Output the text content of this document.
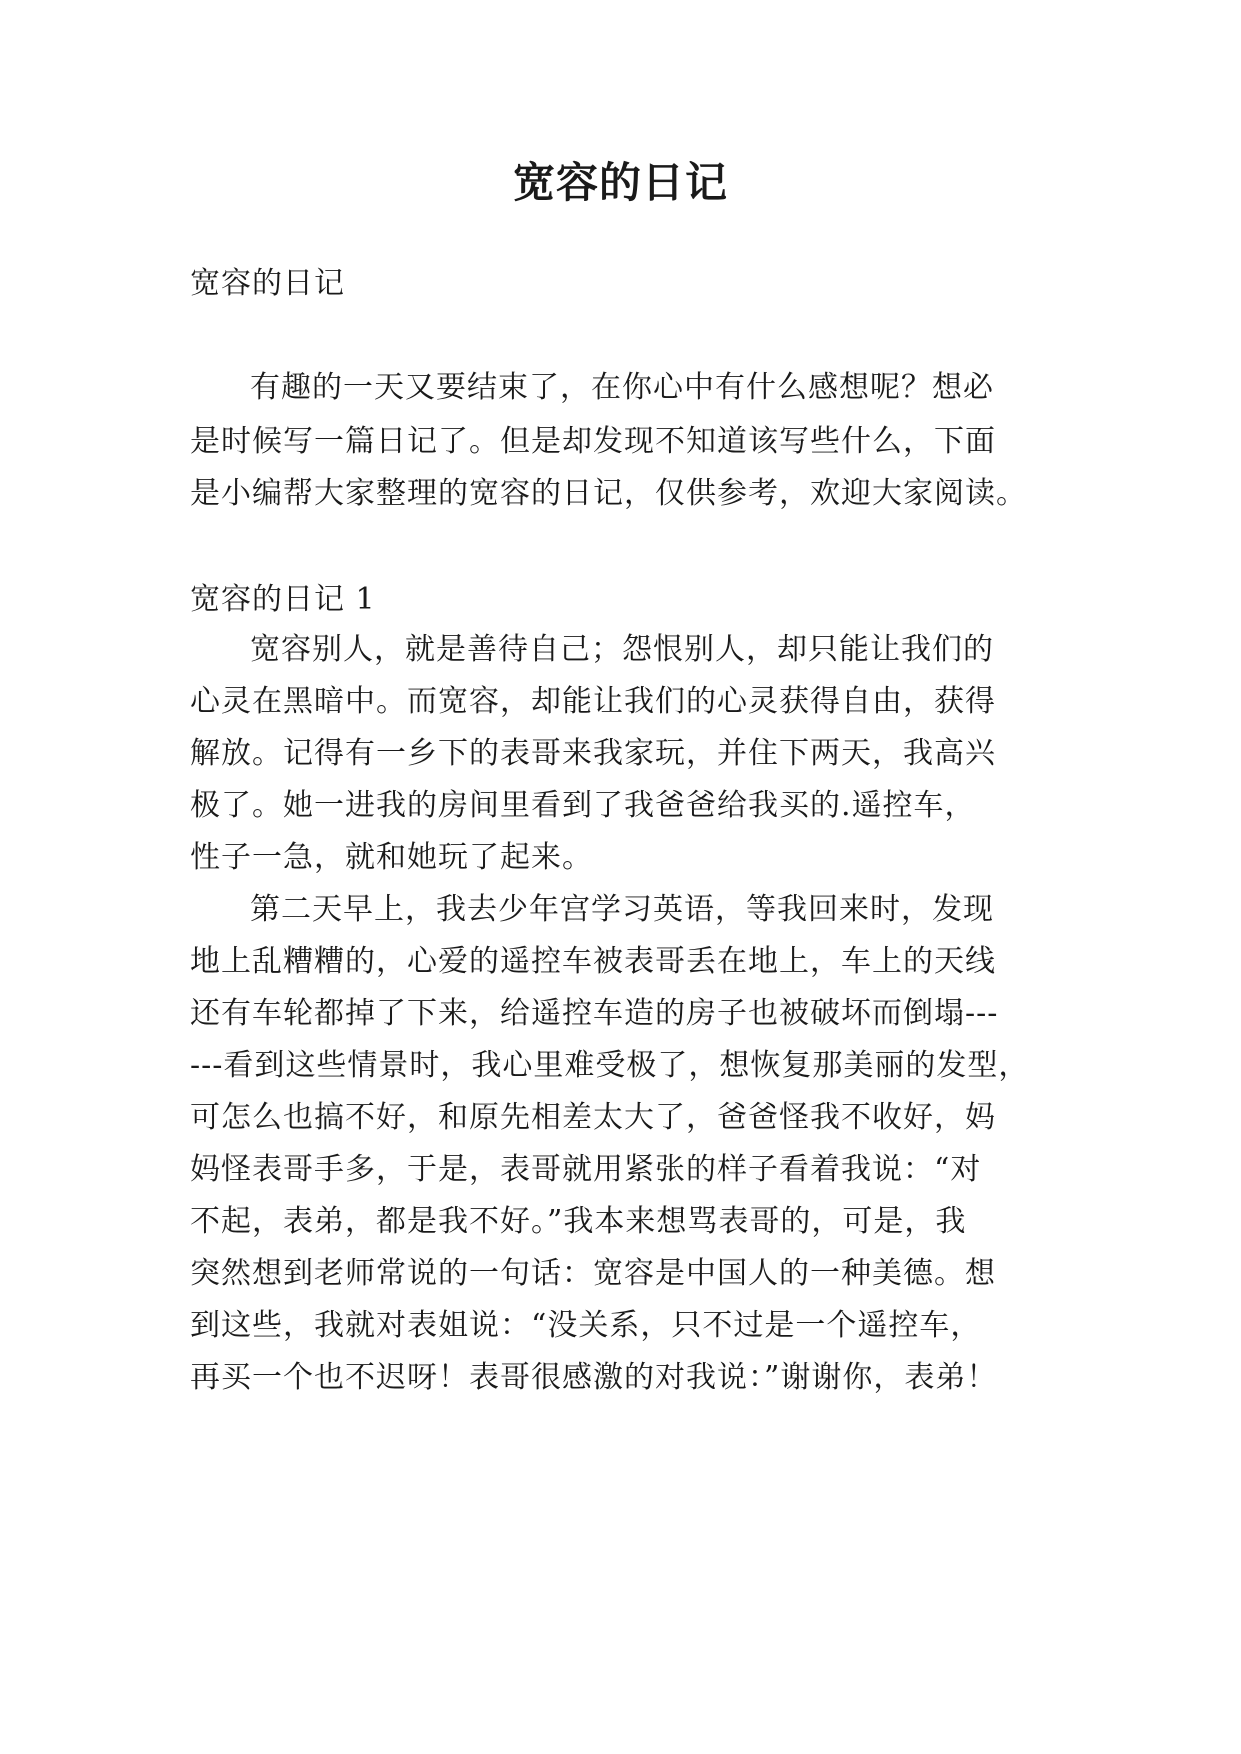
宽容的日记
宽容的日记
有趣的一天又要结束了，在你心中有什么感想呢？想必
是时候写一篇日记了。但是却发现不知道该写些什么，下面
是小编帮大家整理的宽容的日记，仅供参考，欢迎大家阅读。
宽容的日记 1
宽容别人，就是善待自己；怨恨别人，却只能让我们的
心灵在黑暗中。而宽容，却能让我们的心灵获得自由，获得
解放。记得有一乡下的表哥来我家玩，并住下两天，我高兴
极了。她一进我的房间里看到了我爸爸给我买的.遥控车，
性子一急，就和她玩了起来。
第二天早上，我去少年宫学习英语，等我回来时，发现
地上乱糟糟的，心爱的遥控车被表哥丢在地上，车上的天线
还有车轮都掉了下来，给遥控车造的房子也被破坏而倒塌---
---看到这些情景时，我心里难受极了，想恢复那美丽的发型，
可怎么也搞不好，和原先相差太大了，爸爸怪我不收好，妈
妈怪表哥手多，于是，表哥就用紧张的样子看着我说：“对
不起，表弟，都是我不好。”我本来想骂表哥的，可是，我
突然想到老师常说的一句话：宽容是中国人的一种美德。想
到这些，我就对表姐说：“没关系，只不过是一个遥控车，
再买一个也不迟呀！表哥很感激的对我说：”谢谢你，表弟！
